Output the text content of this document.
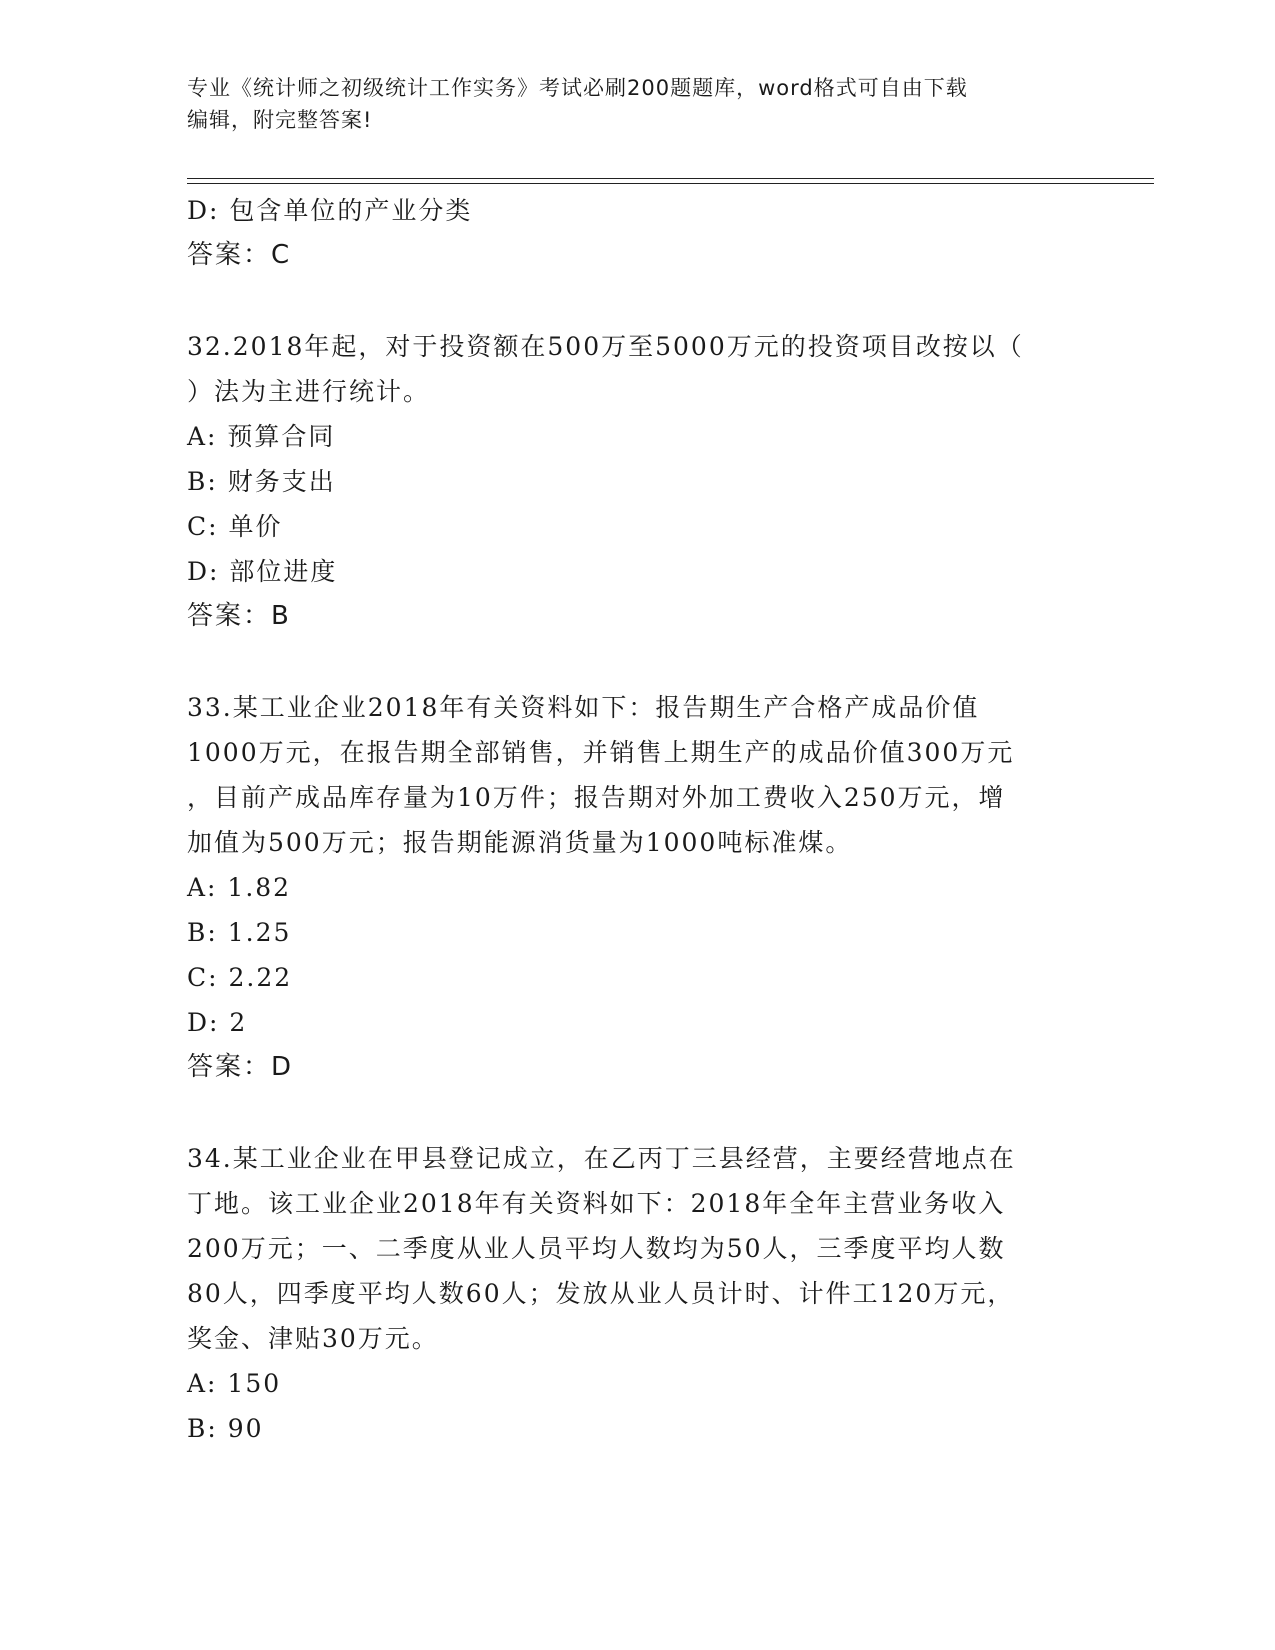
专业《统计师之初级统计工作实务》考试必刷200题题库，word格式可自由下载
编辑，附完整答案!
D: 包含单位的产业分类
答案：C
32.2018年起，对于投资额在500万至5000万元的投资项目改按以（
）法为主进行统计。
A: 预算合同
B: 财务支出
C: 单价
D: 部位进度
答案：B
33.某工业企业2018年有关资料如下：报告期生产合格产成品价值
1000万元，在报告期全部销售，并销售上期生产的成品价值300万元
，目前产成品库存量为10万件；报告期对外加工费收入250万元，增
加值为500万元；报告期能源消货量为1000吨标准煤。
A: 1.82
B: 1.25
C: 2.22
D: 2
答案：D
34.某工业企业在甲县登记成立，在乙丙丁三县经营，主要经营地点在
丁地。该工业企业2018年有关资料如下：2018年全年主营业务收入
200万元；一、二季度从业人员平均人数均为50人，三季度平均人数
80人，四季度平均人数60人；发放从业人员计时、计件工120万元，
奖金、津贴30万元。
A: 150
B: 90
